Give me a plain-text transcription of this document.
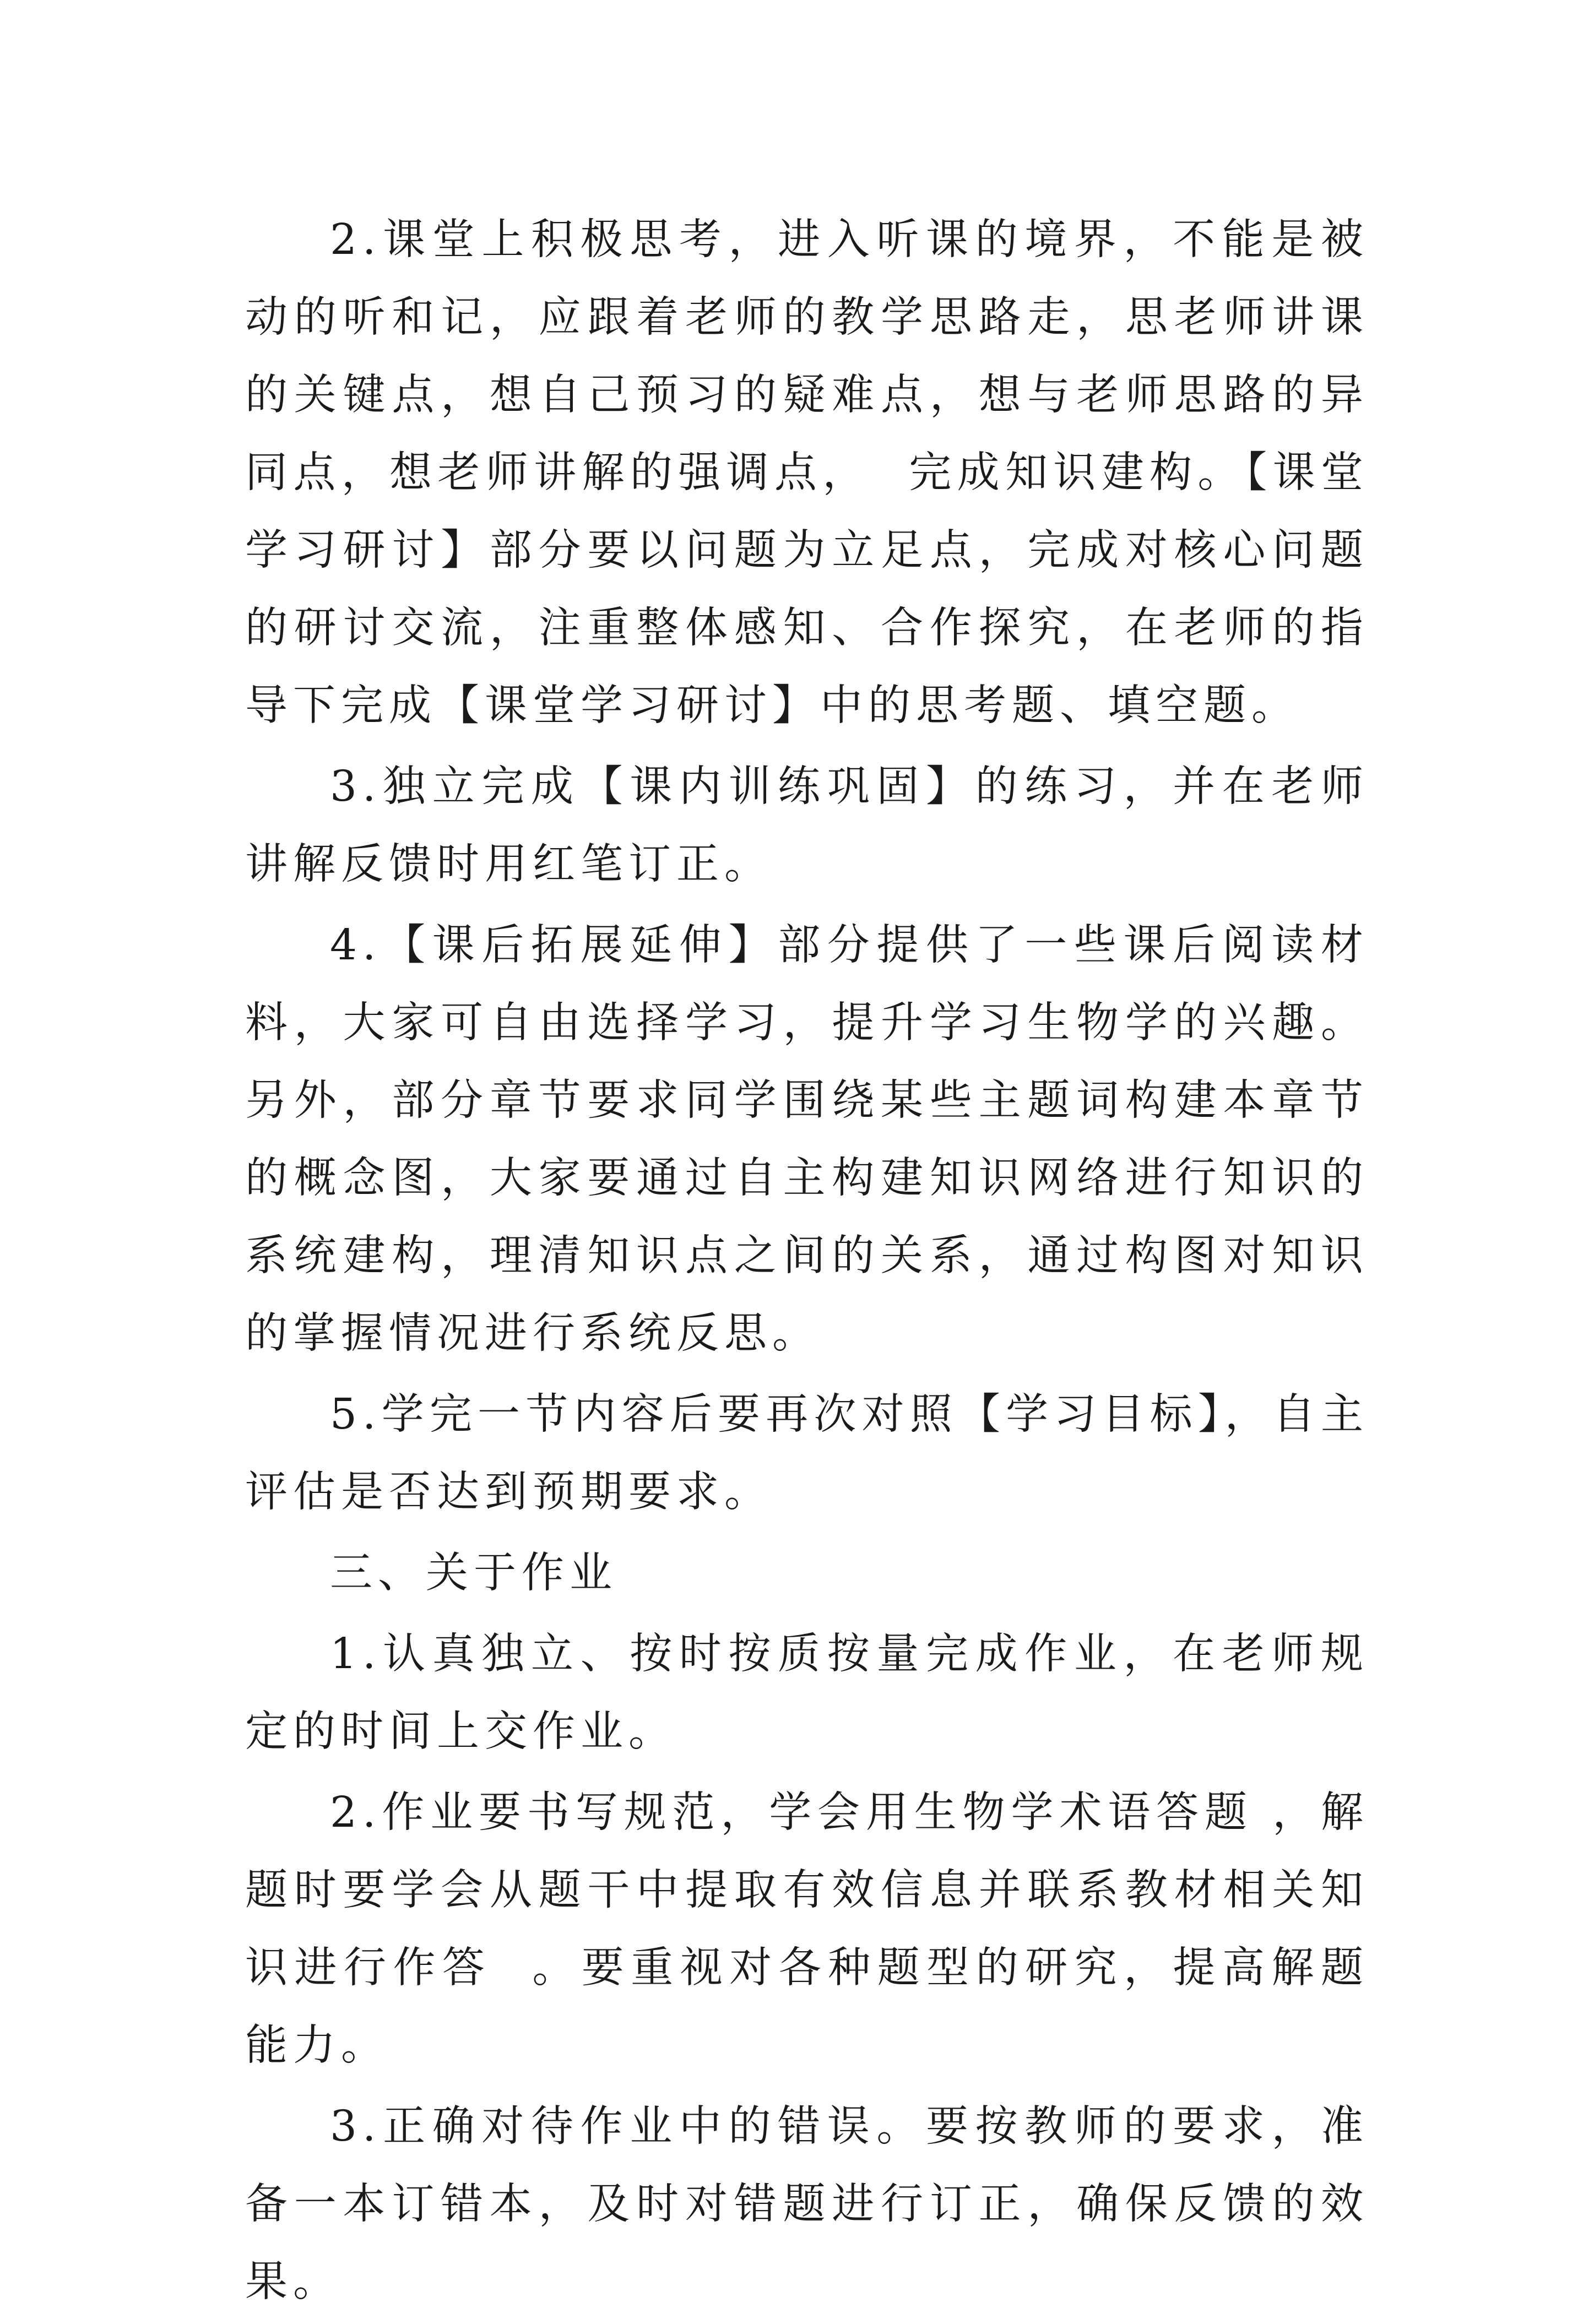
2.课堂上积极思考，进入听课的境界，不能是被动的听和记，应跟着老师的教学思路走，思老师讲课的关键点，想自己预习的疑难点，想与老师思路的异同点，想老师讲解的强调点，  完成知识建构。【课堂学习研讨】部分要以问题为立足点，完成对核心问题的研讨交流，注重整体感知、合作探究，在老师的指导下完成【课堂学习研讨】中的思考题、填空题。

3.独立完成【课内训练巩固】的练习，并在老师讲解反馈时用红笔订正。

4.【课后拓展延伸】部分提供了一些课后阅读材料，大家可自由选择学习，提升学习生物学的兴趣。另外，部分章节要求同学围绕某些主题词构建本章节的概念图，大家要通过自主构建知识网络进行知识的系统建构，理清知识点之间的关系，通过构图对知识的掌握情况进行系统反思。

5.学完一节内容后要再次对照【学习目标】，自主评估是否达到预期要求。

三、关于作业

1.认真独立、按时按质按量完成作业，在老师规定的时间上交作业。

2.作业要书写规范，学会用生物学术语答题 ，解题时要学会从题干中提取有效信息并联系教材相关知识进行作答  。要重视对各种题型的研究，提高解题能力。

3.正确对待作业中的错误。要按教师的要求，准备一本订错本，及时对错题进行订正，确保反馈的效果。
